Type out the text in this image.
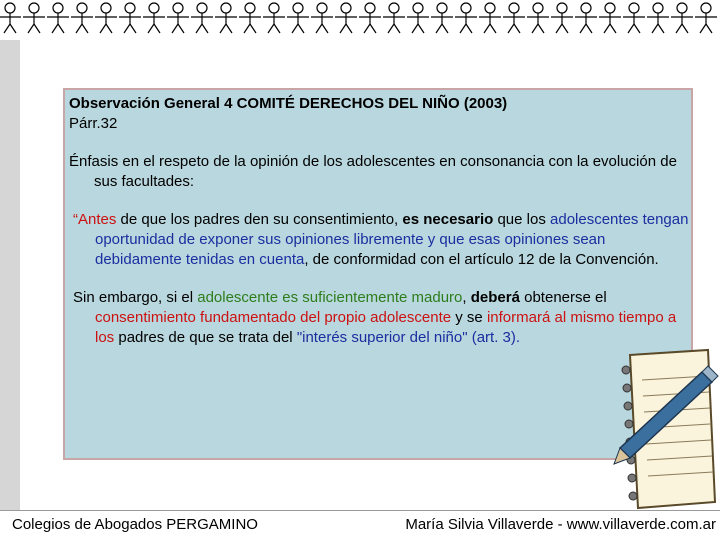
Observación General 4 COMITÉ DERECHOS DEL NIÑO (2003)
Párr.32
Énfasis en el respeto de la opinión de los adolescentes en consonancia con la evolución de sus facultades:
“Antes de que los padres den su consentimiento, es necesario que los adolescentes tengan oportunidad de exponer sus opiniones libremente y que esas opiniones sean debidamente tenidas en cuenta, de conformidad con el artículo 12 de la Convención.
Sin embargo, si el adolescente es suficientemente maduro, deberá obtenerse el consentimiento fundamentado del propio adolescente y se informará al mismo tiempo a los padres de que se trata del "interés superior del niño" (art. 3).
Colegios de Abogados PERGAMINO	María Silvia Villaverde - www.villaverde.com.ar
